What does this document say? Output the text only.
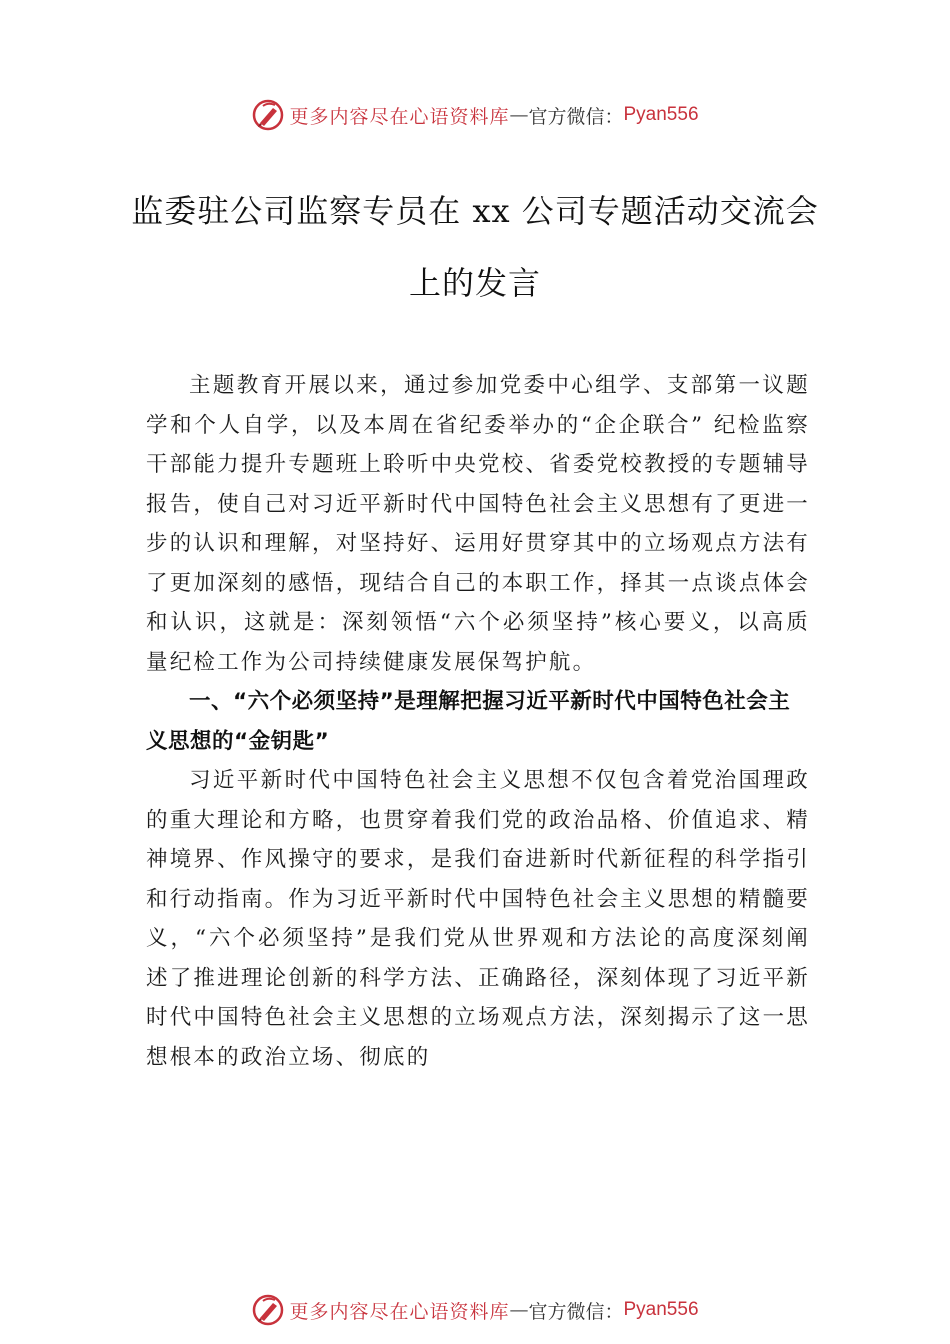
更多内容尽在心语资料库 — 官方微信： Pyan556
监委驻公司监察专员在 xx 公司专题活动交流会上的发言

主题教育开展以来，通过参加党委中心组学、支部第一议题学和个人自学，以及本周在省纪委举办的“企企联合” 纪检监察干部能力提升专题班上聆听中央党校、省委党校教授的专题辅导报告，使自己对习近平新时代中国特色社会主义思想有了更进一步的认识和理解，对坚持好、运用好贯穿其中的立场观点方法有了更加深刻的感悟，现结合自己的本职工作，择其一点谈点体会和认识，这就是：深刻领悟“六个必须坚持”核心要义，以高质量纪检工作为公司持续健康发展保驾护航。

一、“六个必须坚持”是理解把握习近平新时代中国特色社会主义思想的“金钥匙”

习近平新时代中国特色社会主义思想不仅包含着党治国理政的重大理论和方略，也贯穿着我们党的政治品格、价值追求、精神境界、作风操守的要求，是我们奋进新时代新征程的科学指引和行动指南。作为习近平新时代中国特色社会主义思想的精髓要义，“六个必须坚持”是我们党从世界观和方法论的高度深刻阐述了推进理论创新的科学方法、正确路径，深刻体现了习近平新时代中国特色社会主义思想的立场观点方法，深刻揭示了这一思想根本的政治立场、彻底的

更多内容尽在心语资料库 — 官方微信： Pyan556
